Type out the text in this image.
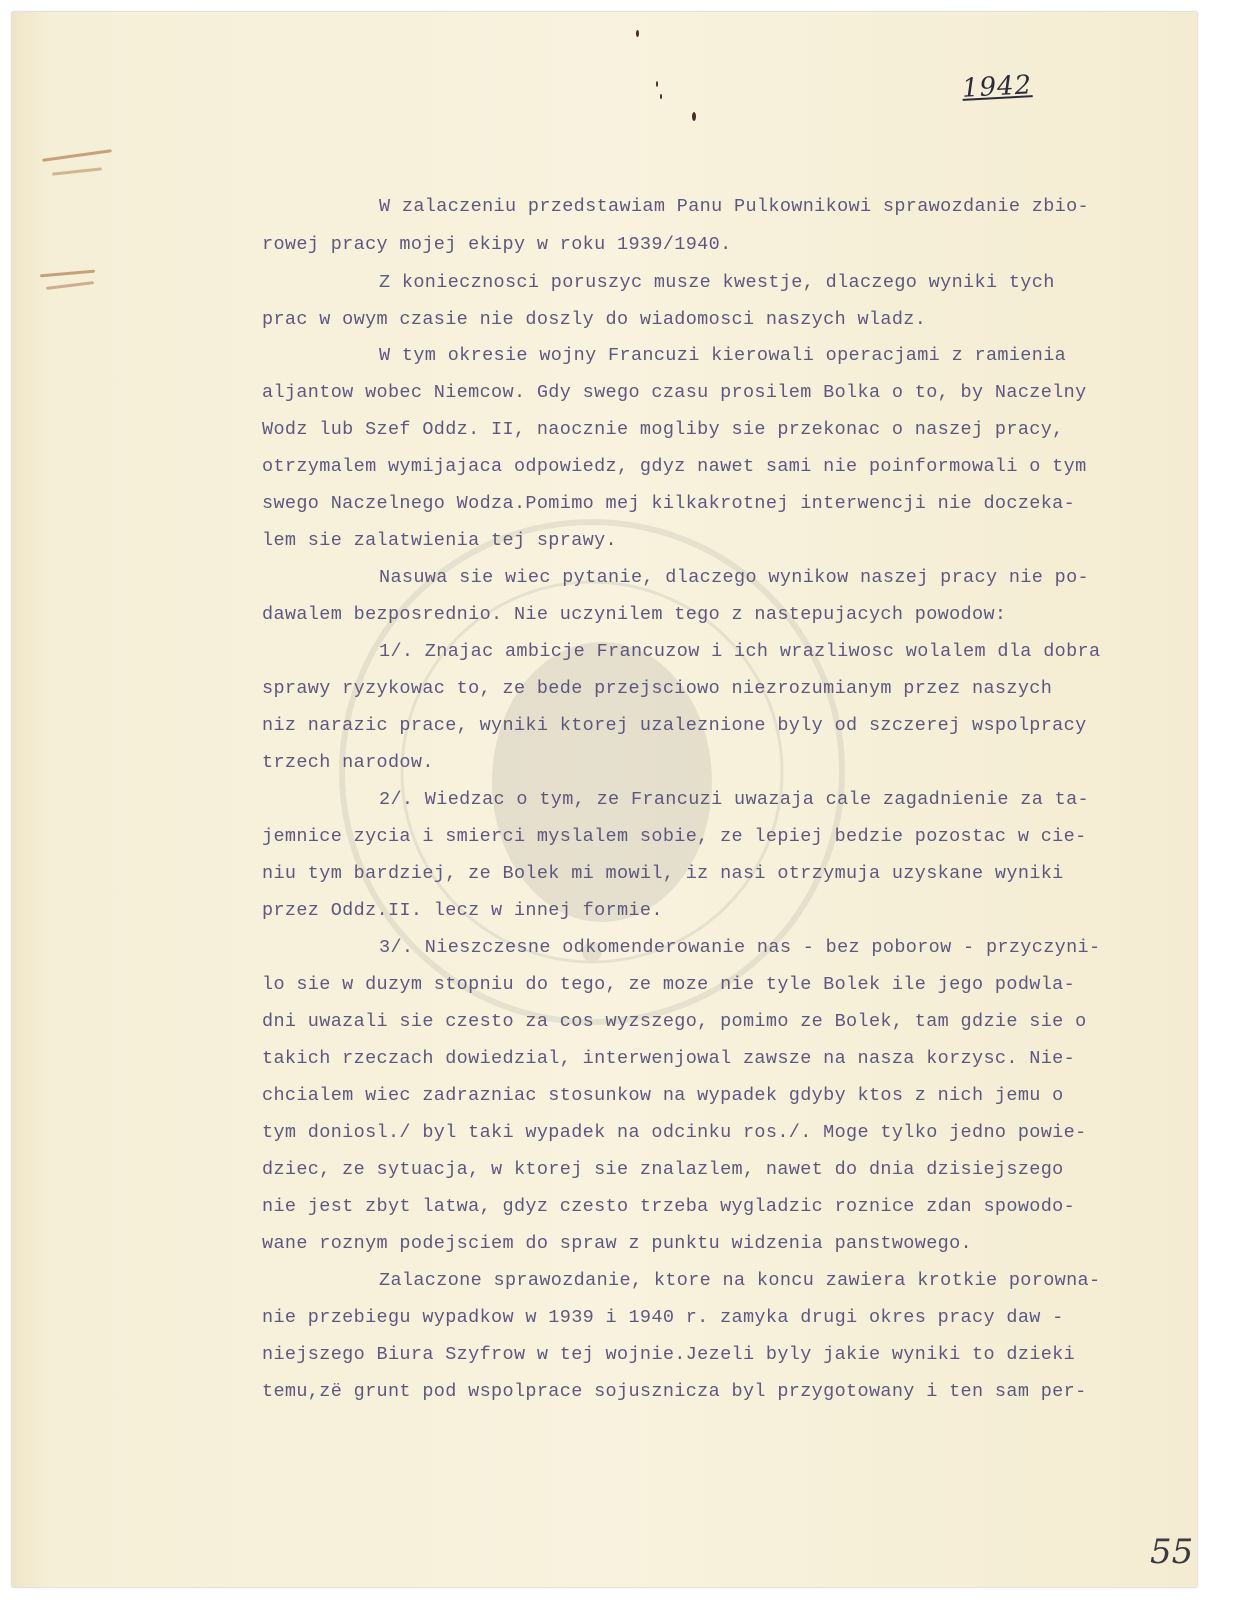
1942
W zalaczeniu przedstawiam Panu Pulkownikowi sprawozdanie zbio-
rowej pracy mojej ekipy w roku 1939/1940.
Z koniecznosci poruszyc musze kwestje, dlaczego wyniki tych
prac w owym czasie nie doszly do wiadomosci naszych wladz.
W tym okresie wojny Francuzi kierowali operacjami z ramienia
aljantow wobec Niemcow. Gdy swego czasu prosilem Bolka o to, by Naczelny
Wodz lub Szef Oddz. II, naocznie mogliby sie przekonac o naszej pracy,
otrzymalem wymijajaca odpowiedz, gdyz nawet sami nie poinformowali o tym
swego Naczelnego Wodza.Pomimo mej kilkakrotnej interwencji nie doczeka-
lem sie zalatwienia tej sprawy.
Nasuwa sie wiec pytanie, dlaczego wynikow naszej pracy nie po-
dawalem bezposrednio. Nie uczynilem tego z nastepujacych powodow:
1/. Znajac ambicje Francuzow i ich wrazliwosc wolalem dla dobra
sprawy ryzykowac to, ze bede przejsciowo niezrozumianym przez naszych
niz narazic prace, wyniki ktorej uzaleznione byly od szczerej wspolpracy
trzech narodow.
2/. Wiedzac o tym, ze Francuzi uwazaja cale zagadnienie za ta-
jemnice zycia i smierci myslalem sobie, ze lepiej bedzie pozostac w cie-
niu tym bardziej, ze Bolek mi mowil, iz nasi otrzymuja uzyskane wyniki
przez Oddz.II. lecz w innej formie.
3/. Nieszczesne odkomenderowanie nas - bez poborow - przyczyni-
lo sie w duzym stopniu do tego, ze moze nie tyle Bolek ile jego podwla-
dni uwazali sie czesto za cos wyzszego, pomimo ze Bolek, tam gdzie sie o
takich rzeczach dowiedzial, interwenjowal zawsze na nasza korzysc. Nie-
chcialem wiec zadrazniac stosunkow na wypadek gdyby ktos z nich jemu o
tym doniosl./ byl taki wypadek na odcinku ros./. Moge tylko jedno powie-
dziec, ze sytuacja, w ktorej sie znalazlem, nawet do dnia dzisiejszego
nie jest zbyt latwa, gdyz czesto trzeba wygladzic roznice zdan spowodo-
wane roznym podejsciem do spraw z punktu widzenia panstwowego.
Zalaczone sprawozdanie, ktore na koncu zawiera krotkie porowna-
nie przebiegu wypadkow w 1939 i 1940 r. zamyka drugi okres pracy daw -
niejszego Biura Szyfrow w tej wojnie.Jezeli byly jakie wyniki to dzieki
temu,zë grunt pod wspolprace sojusznicza byl przygotowany i ten sam per-
55
